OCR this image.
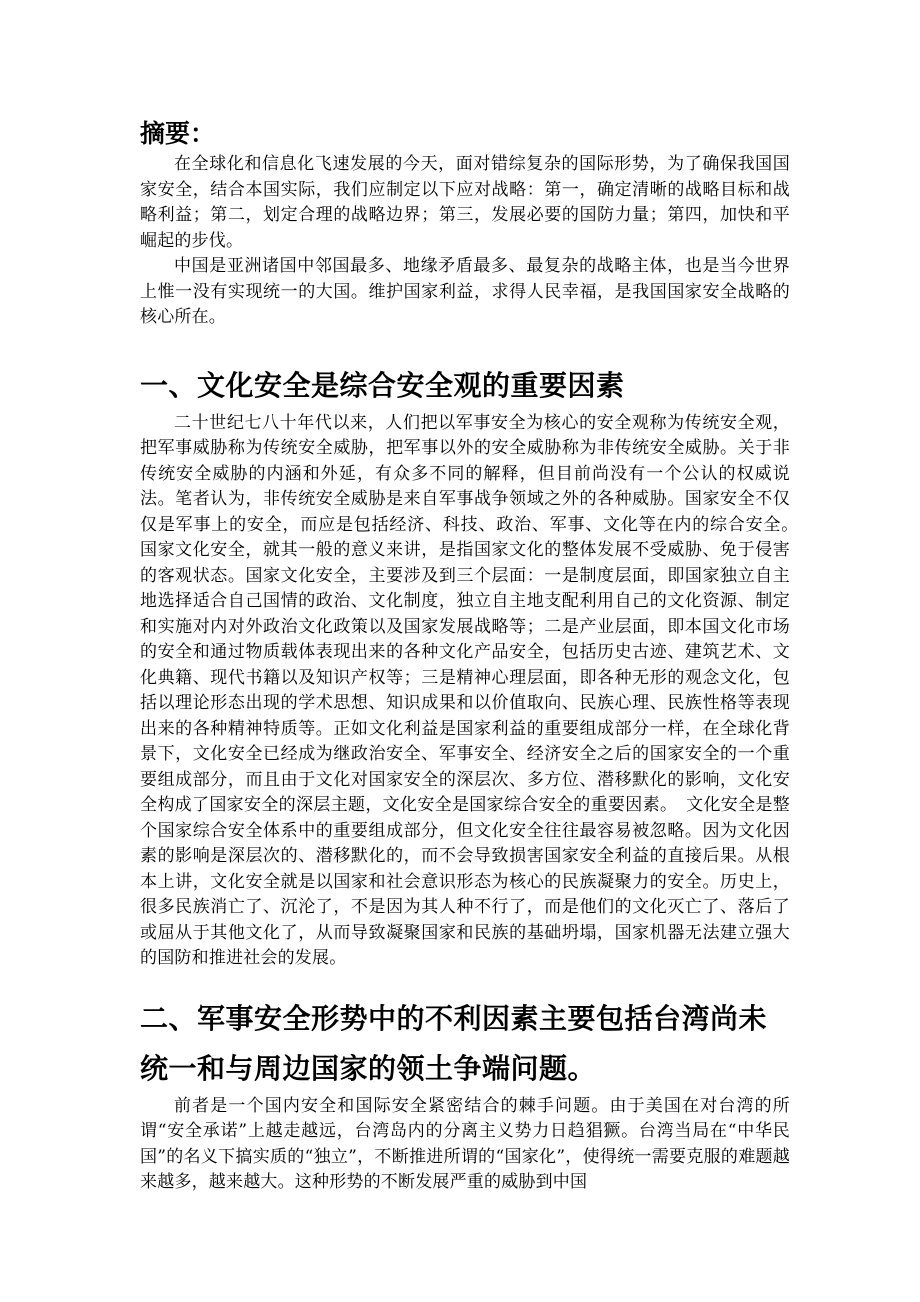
摘要：

在全球化和信息化飞速发展的今天，面对错综复杂的国际形势，为了确保我国国家安全，结合本国实际，我们应制定以下应对战略：第一，确定清晰的战略目标和战略利益；第二，划定合理的战略边界；第三，发展必要的国防力量；第四，加快和平崛起的步伐。

中国是亚洲诸国中邻国最多、地缘矛盾最多、最复杂的战略主体，也是当今世界上惟一没有实现统一的大国。维护国家利益，求得人民幸福，是我国国家安全战略的核心所在。

一、文化安全是综合安全观的重要因素

二十世纪七八十年代以来，人们把以军事安全为核心的安全观称为传统安全观，把军事威胁称为传统安全威胁，把军事以外的安全威胁称为非传统安全威胁。关于非传统安全威胁的内涵和外延，有众多不同的解释，但目前尚没有一个公认的权威说法。笔者认为，非传统安全威胁是来自军事战争领域之外的各种威胁。国家安全不仅仅是军事上的安全，而应是包括经济、科技、政治、军事、文化等在内的综合安全。　国家文化安全，就其一般的意义来讲，是指国家文化的整体发展不受威胁、免于侵害的客观状态。国家文化安全，主要涉及到三个层面：一是制度层面，即国家独立自主地选择适合自己国情的政治、文化制度，独立自主地支配利用自己的文化资源、制定和实施对内对外政治文化政策以及国家发展战略等；二是产业层面，即本国文化市场的安全和通过物质载体表现出来的各种文化产品安全，包括历史古迹、建筑艺术、文化典籍、现代书籍以及知识产权等；三是精神心理层面，即各种无形的观念文化，包括以理论形态出现的学术思想、知识成果和以价值取向、民族心理、民族性格等表现出来的各种精神特质等。正如文化利益是国家利益的重要组成部分一样，在全球化背景下，文化安全已经成为继政治安全、军事安全、经济安全之后的国家安全的一个重要组成部分，而且由于文化对国家安全的深层次、多方位、潜移默化的影响，文化安全构成了国家安全的深层主题，文化安全是国家综合安全的重要因素。　文化安全是整个国家综合安全体系中的重要组成部分，但文化安全往往最容易被忽略。因为文化因素的影响是深层次的、潜移默化的，而不会导致损害国家安全利益的直接后果。从根本上讲，文化安全就是以国家和社会意识形态为核心的民族凝聚力的安全。历史上，很多民族消亡了、沉沦了，不是因为其人种不行了，而是他们的文化灭亡了、落后了或屈从于其他文化了，从而导致凝聚国家和民族的基础坍塌，国家机器无法建立强大的国防和推进社会的发展。

二、军事安全形势中的不利因素主要包括台湾尚未统一和与周边国家的领土争端问题。

前者是一个国内安全和国际安全紧密结合的棘手问题。由于美国在对台湾的所谓“安全承诺”上越走越远，台湾岛内的分离主义势力日趋猖獗。台湾当局在“中华民国”的名义下搞实质的“独立”，不断推进所谓的“国家化”，使得统一需要克服的难题越来越多，越来越大。这种形势的不断发展严重的威胁到中国
